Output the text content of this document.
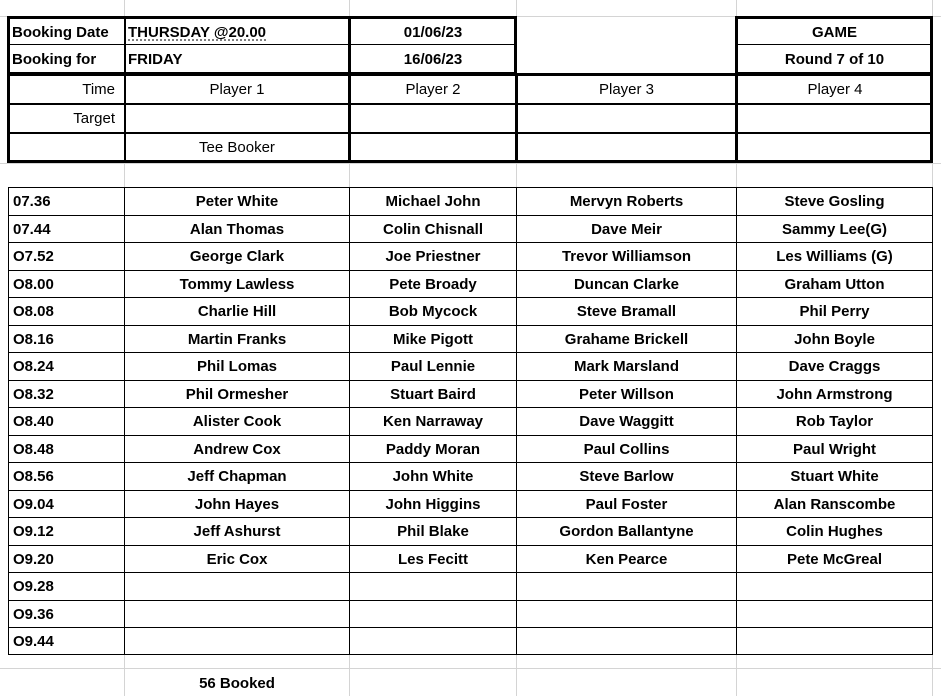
Booking Date	THURSDAY @20.00	01/06/23	GAME
Booking for	FRIDAY	16/06/23	Round 7 of 10
Time	Player 1	Player 2	Player 3	Player 4
Target
Tee Booker
07.36	Peter White	Michael John	Mervyn Roberts	Steve Gosling
07.44	Alan Thomas	Colin Chisnall	Dave Meir	Sammy Lee(G)
O7.52	George Clark	Joe Priestner	Trevor Williamson	Les Williams (G)
O8.00	Tommy Lawless	Pete Broady	Duncan Clarke	Graham Utton
O8.08	Charlie Hill	Bob Mycock	Steve Bramall	Phil Perry
O8.16	Martin Franks	Mike Pigott	Grahame Brickell	John Boyle
O8.24	Phil Lomas	Paul Lennie	Mark Marsland	Dave Craggs
O8.32	Phil Ormesher	Stuart Baird	Peter Willson	John Armstrong
O8.40	Alister Cook	Ken Narraway	Dave Waggitt	Rob Taylor
O8.48	Andrew Cox	Paddy Moran	Paul Collins	Paul Wright
O8.56	Jeff Chapman	John White	Steve Barlow	Stuart White
O9.04	John Hayes	John Higgins	Paul Foster	Alan Ranscombe
O9.12	Jeff Ashurst	Phil Blake	Gordon Ballantyne	Colin Hughes
O9.20	Eric Cox	Les Fecitt	Ken Pearce	Pete McGreal
O9.28
O9.36
O9.44
56 Booked
